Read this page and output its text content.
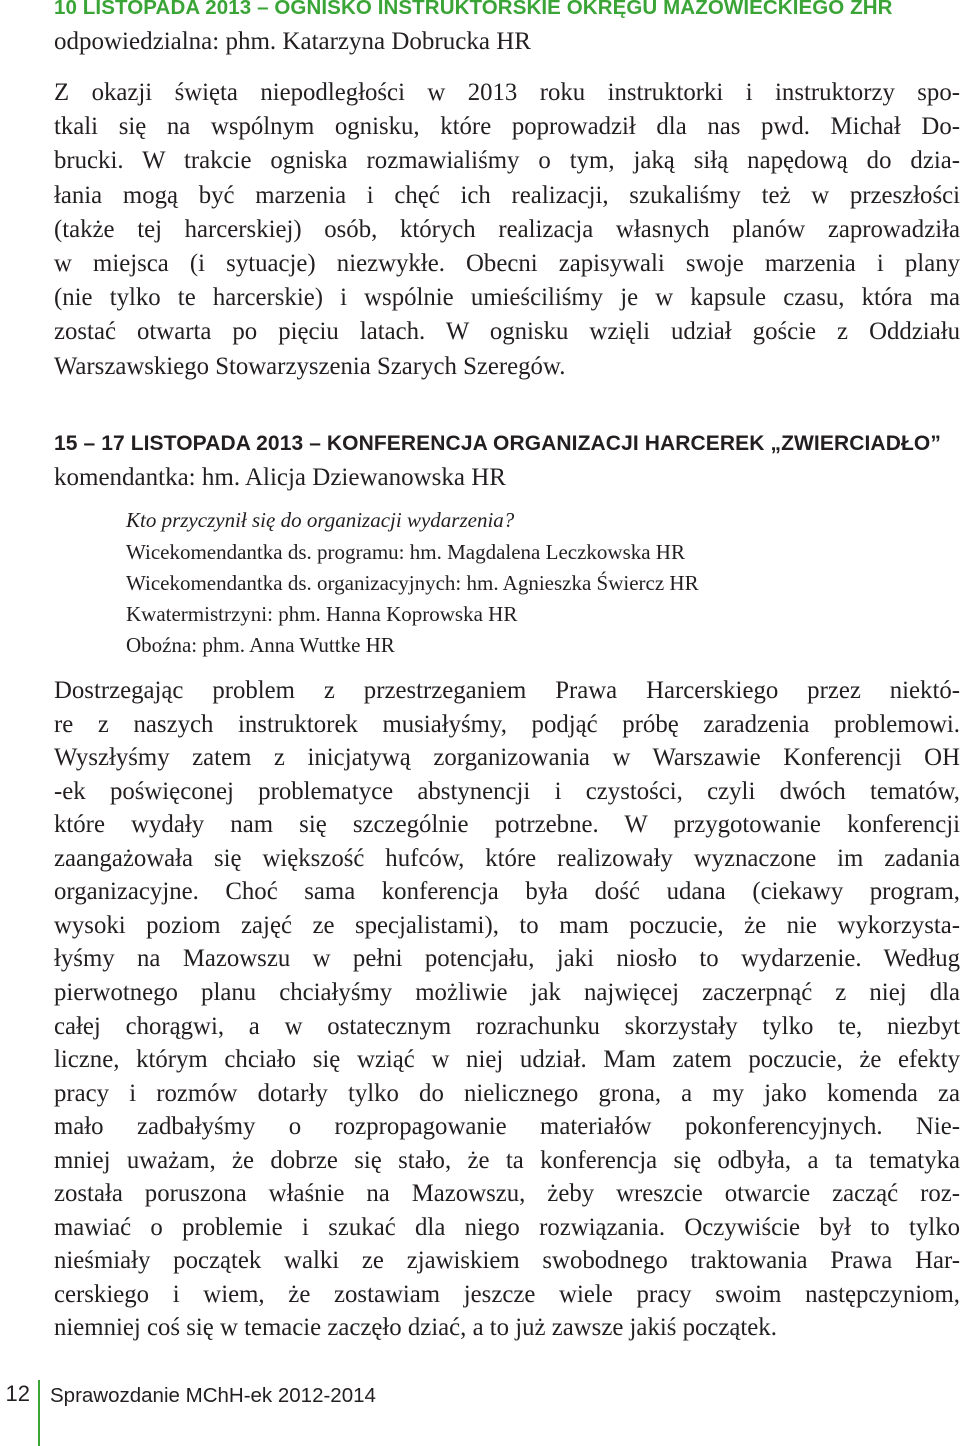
10 LISTOPADA 2013 – OGNISKO INSTRUKTORSKIE OKRĘGU MAZOWIECKIEGO ZHR
odpowiedzialna: phm. Katarzyna Dobrucka HR
Z okazji święta niepodległości w 2013 roku instruktorki i instruktorzy spo-
tkali się na wspólnym ognisku, które poprowadził dla nas pwd. Michał Do-
brucki. W trakcie ogniska rozmawialiśmy o tym, jaką siłą napędową do dzia-
łania mogą być marzenia i chęć ich realizacji, szukaliśmy też w przeszłości
(także tej harcerskiej) osób, których realizacja własnych planów zaprowadziła
w miejsca (i sytuacje) niezwykłe. Obecni zapisywali swoje marzenia i plany
(nie tylko te harcerskie) i wspólnie umieściliśmy je w kapsule czasu, która ma
zostać otwarta po pięciu latach. W ognisku wzięli udział goście z Oddziału
Warszawskiego Stowarzyszenia Szarych Szeregów.
15 – 17 LISTOPADA 2013 – KONFERENCJA ORGANIZACJI HARCEREK „ZWIERCIADŁO”
komendantka: hm. Alicja Dziewanowska HR
Kto przyczynił się do organizacji wydarzenia?
Wicekomendantka ds. programu: hm. Magdalena Leczkowska HR
Wicekomendantka ds. organizacyjnych: hm. Agnieszka Świercz HR
Kwatermistrzyni: phm. Hanna Koprowska HR
Oboźna: phm. Anna Wuttke HR
Dostrzegając problem z przestrzeganiem Prawa Harcerskiego przez niektó-
re z naszych instruktorek musiałyśmy, podjąć próbę zaradzenia problemowi.
Wyszłyśmy zatem z inicjatywą zorganizowania w Warszawie Konferencji OH
-ek poświęconej problematyce abstynencji i czystości, czyli dwóch tematów,
które wydały nam się szczególnie potrzebne. W przygotowanie konferencji
zaangażowała się większość hufców, które realizowały wyznaczone im zadania
organizacyjne. Choć sama konferencja była dość udana (ciekawy program,
wysoki poziom zajęć ze specjalistami), to mam poczucie, że nie wykorzysta-
łyśmy na Mazowszu w pełni potencjału, jaki niosło to wydarzenie. Według
pierwotnego planu chciałyśmy możliwie jak najwięcej zaczerpnąć z niej dla
całej chorągwi, a w ostatecznym rozrachunku skorzystały tylko te, niezbyt
liczne, którym chciało się wziąć w niej udział. Mam zatem poczucie, że efekty
pracy i rozmów dotarły tylko do nielicznego grona, a my jako komenda za
mało zadbałyśmy o rozpropagowanie materiałów pokonferencyjnych. Nie-
mniej uważam, że dobrze się stało, że ta konferencja się odbyła, a ta tematyka
została poruszona właśnie na Mazowszu, żeby wreszcie otwarcie zacząć roz-
mawiać o problemie i szukać dla niego rozwiązania. Oczywiście był to tylko
nieśmiały początek walki ze zjawiskiem swobodnego traktowania Prawa Har-
cerskiego i wiem, że zostawiam jeszcze wiele pracy swoim następczyniom,
niemniej coś się w temacie zaczęło dziać, a to już zawsze jakiś początek.
12 Sprawozdanie MChH-ek 2012-2014
